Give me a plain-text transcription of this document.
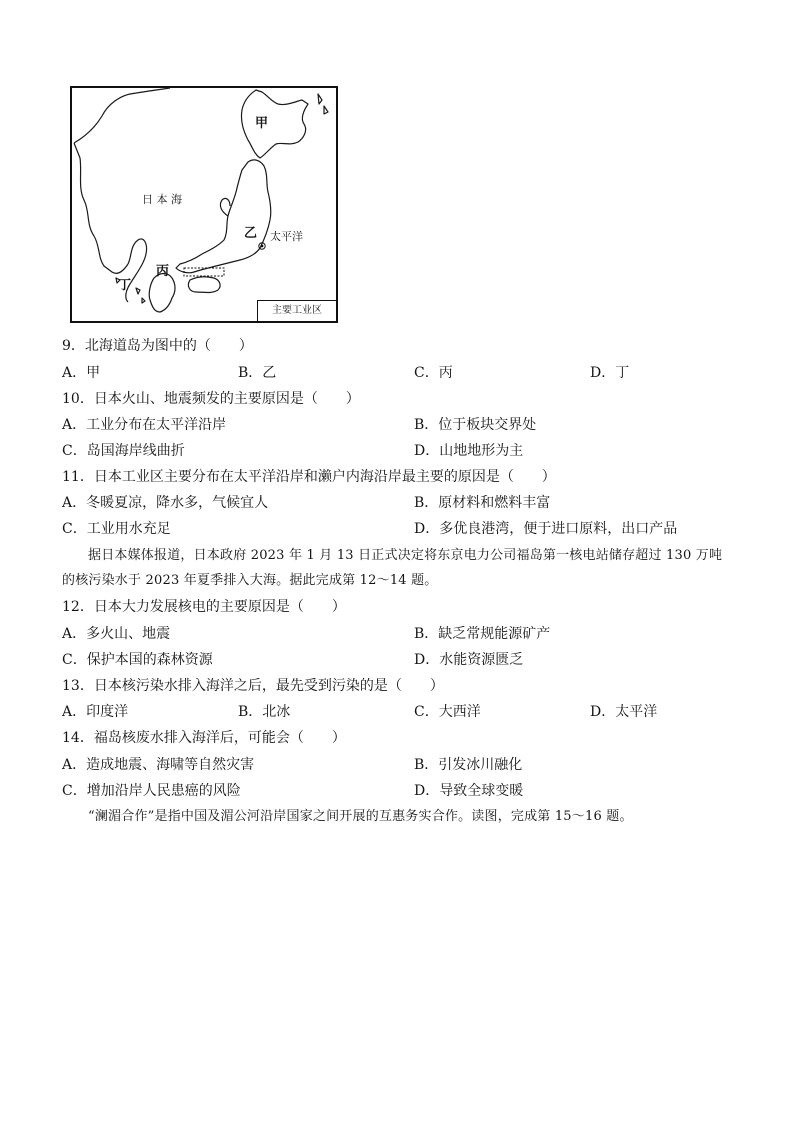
甲
乙
丙
丁
日 本 海
太平洋
主要工业区
9．北海道岛为图中的（　　）
A．甲	B．乙	C．丙	D．丁
10．日本火山、地震频发的主要原因是（　　）
A．工业分布在太平洋沿岸	B．位于板块交界处
C．岛国海岸线曲折	D．山地地形为主
11．日本工业区主要分布在太平洋沿岸和濑户内海沿岸最主要的原因是（　　）
A．冬暖夏凉，降水多，气候宜人	B．原材料和燃料丰富
C．工业用水充足	D．多优良港湾，便于进口原料，出口产品
据日本媒体报道，日本政府 2023 年 1 月 13 日正式决定将东京电力公司福岛第一核电站储存超过 130 万吨
的核污染水于 2023 年夏季排入大海。据此完成第 12～14 题。
12．日本大力发展核电的主要原因是（　　）
A．多火山、地震	B．缺乏常规能源矿产
C．保护本国的森林资源	D．水能资源匮乏
13．日本核污染水排入海洋之后，最先受到污染的是（　　）
A．印度洋	B．北冰	C．大西洋	D．太平洋
14．福岛核废水排入海洋后，可能会（　　）
A．造成地震、海啸等自然灾害	B．引发冰川融化
C．增加沿岸人民患癌的风险	D．导致全球变暖
“澜湄合作”是指中国及湄公河沿岸国家之间开展的互惠务实合作。读图，完成第 15～16 题。
